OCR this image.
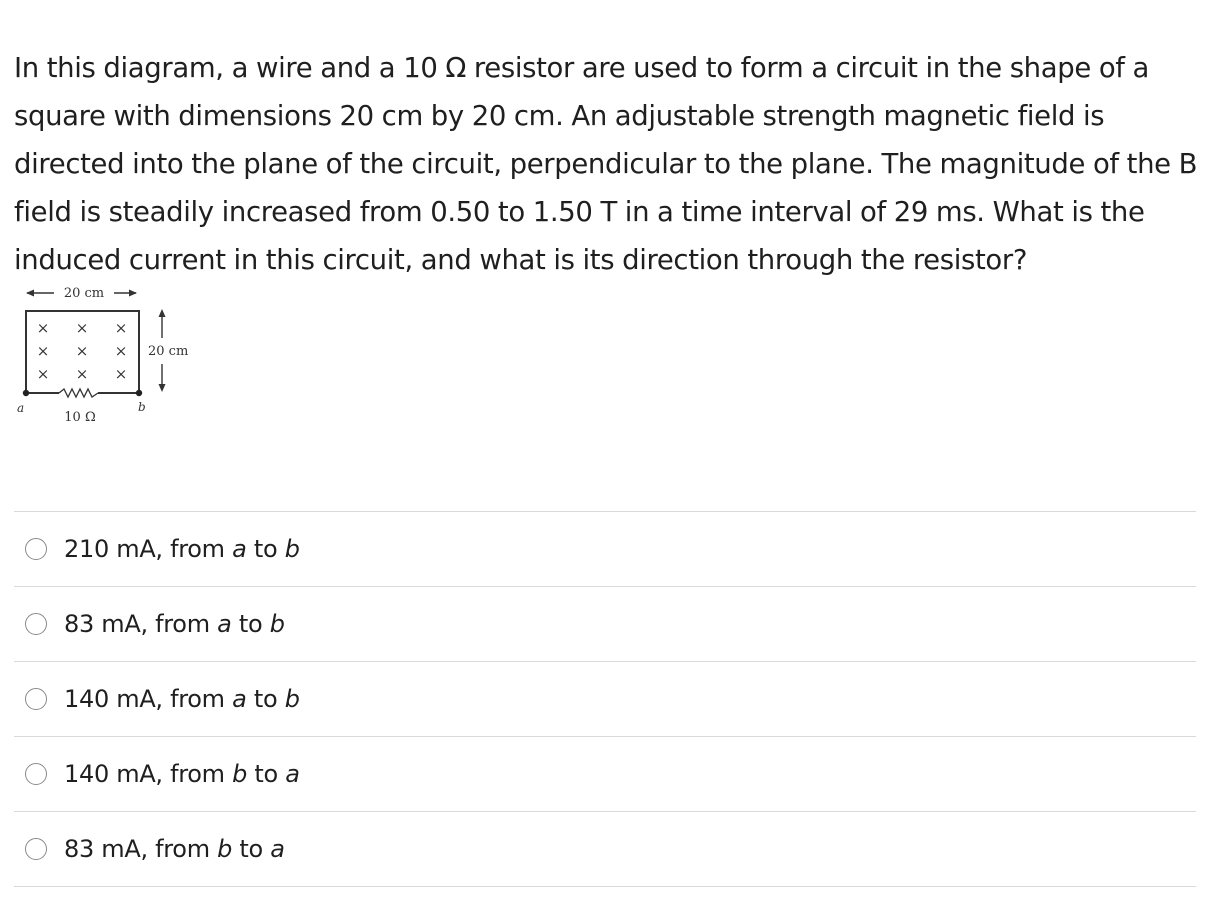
In this diagram, a wire and a 10 Ω resistor are used to form a circuit in the shape of a square with dimensions 20 cm by 20 cm. An adjustable strength magnetic field is directed into the plane of the circuit, perpendicular to the plane. The magnitude of the B field is steadily increased from 0.50 to 1.50 T in a time interval of 29 ms. What is the induced current in this circuit, and what is its direction through the resistor?

20 cm
× × ×
× × ×
× × ×
20 cm
a	b
10 Ω
210 mA, from a to b
83 mA, from a to b
140 mA, from a to b
140 mA, from b to a
83 mA, from b to a
